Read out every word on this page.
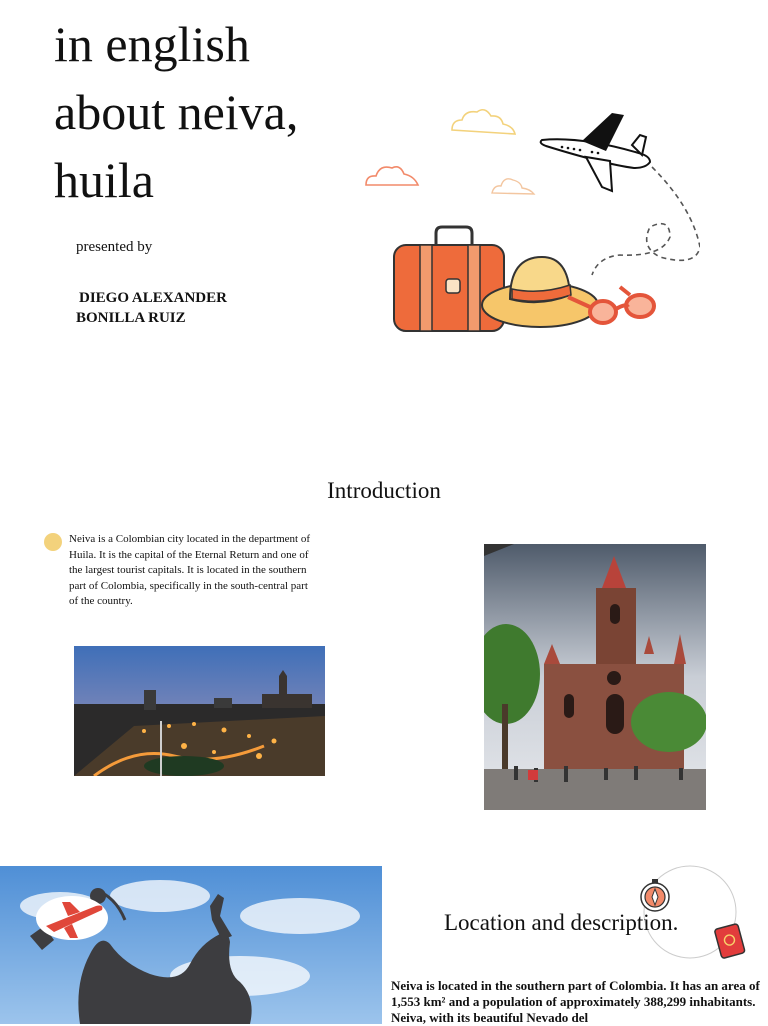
in english
about neiva,
huila
presented by
DIEGO ALEXANDER
BONILLA RUIZ
Introduction
Neiva is a Colombian city located in the department of Huila. It is the capital of the Eternal Return and one of the largest tourist capitals. It is located in the southern part of Colombia, specifically in the south-central part of the country.
Location and description.
Neiva is located in the southern part of Colombia. It has an area of 1,553 km² and a population of approximately 388,299 inhabitants. Neiva, with its beautiful Nevado del
